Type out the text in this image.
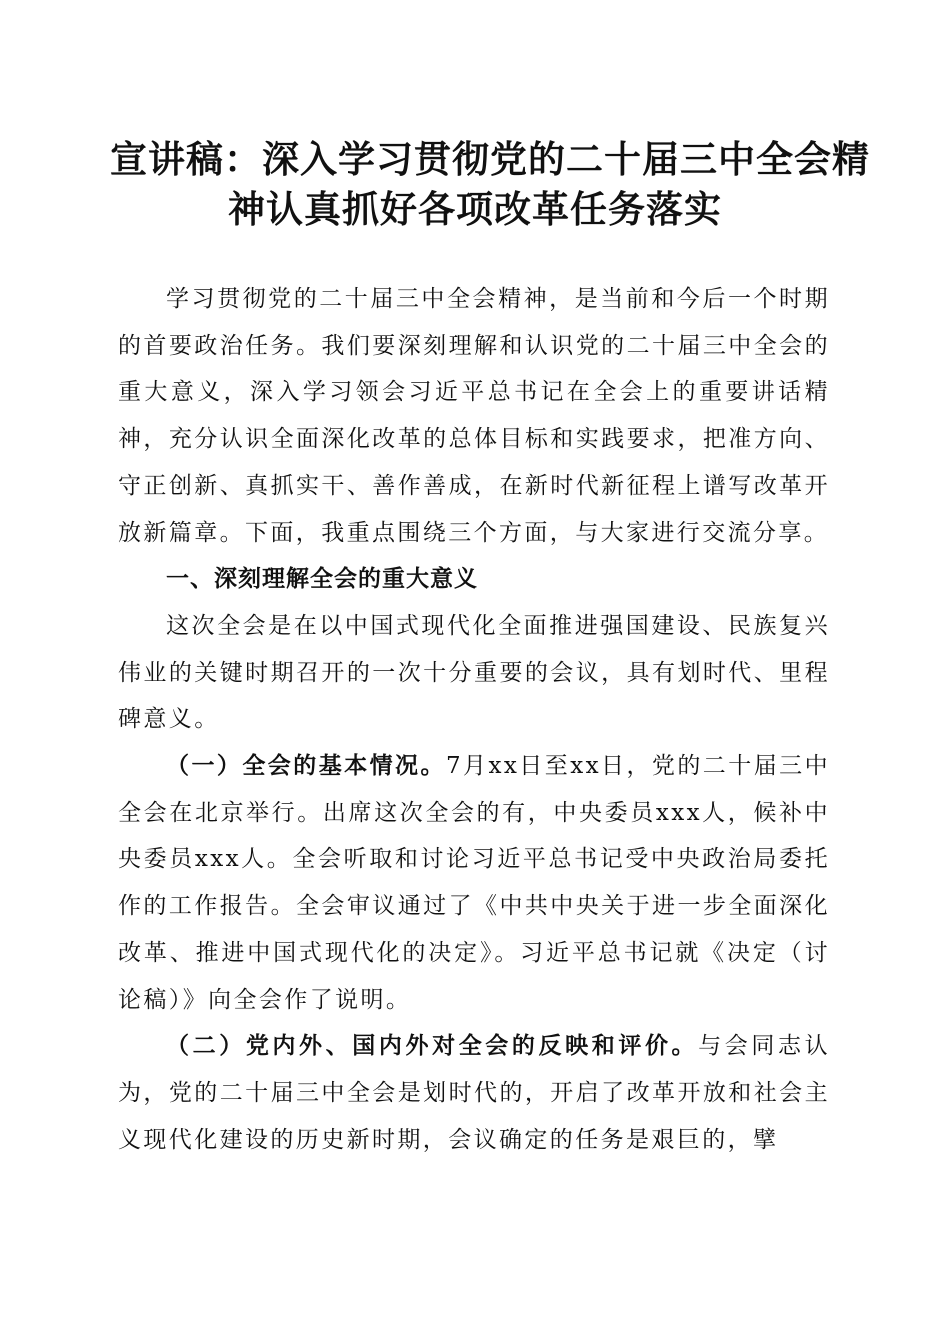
宣讲稿：深入学习贯彻党的二十届三中全会精
神认真抓好各项改革任务落实

学习贯彻党的二十届三中全会精神，是当前和今后一个时期的首要政治任务。我们要深刻理解和认识党的二十届三中全会的重大意义，深入学习领会习近平总书记在全会上的重要讲话精神，充分认识全面深化改革的总体目标和实践要求，把准方向、守正创新、真抓实干、善作善成，在新时代新征程上谱写改革开放新篇章。下面，我重点围绕三个方面，与大家进行交流分享。

一、深刻理解全会的重大意义

这次全会是在以中国式现代化全面推进强国建设、民族复兴伟业的关键时期召开的一次十分重要的会议，具有划时代、里程碑意义。

（一）全会的基本情况。7月xx日至xx日，党的二十届三中全会在北京举行。出席这次全会的有，中央委员xxx人，候补中央委员xxx人。全会听取和讨论习近平总书记受中央政治局委托作的工作报告。全会审议通过了《中共中央关于进一步全面深化改革、推进中国式现代化的决定》。习近平总书记就《决定（讨论稿）》向全会作了说明。

（二）党内外、国内外对全会的反映和评价。与会同志认为，党的二十届三中全会是划时代的，开启了改革开放和社会主义现代化建设的历史新时期，会议确定的任务是艰巨的，擘
